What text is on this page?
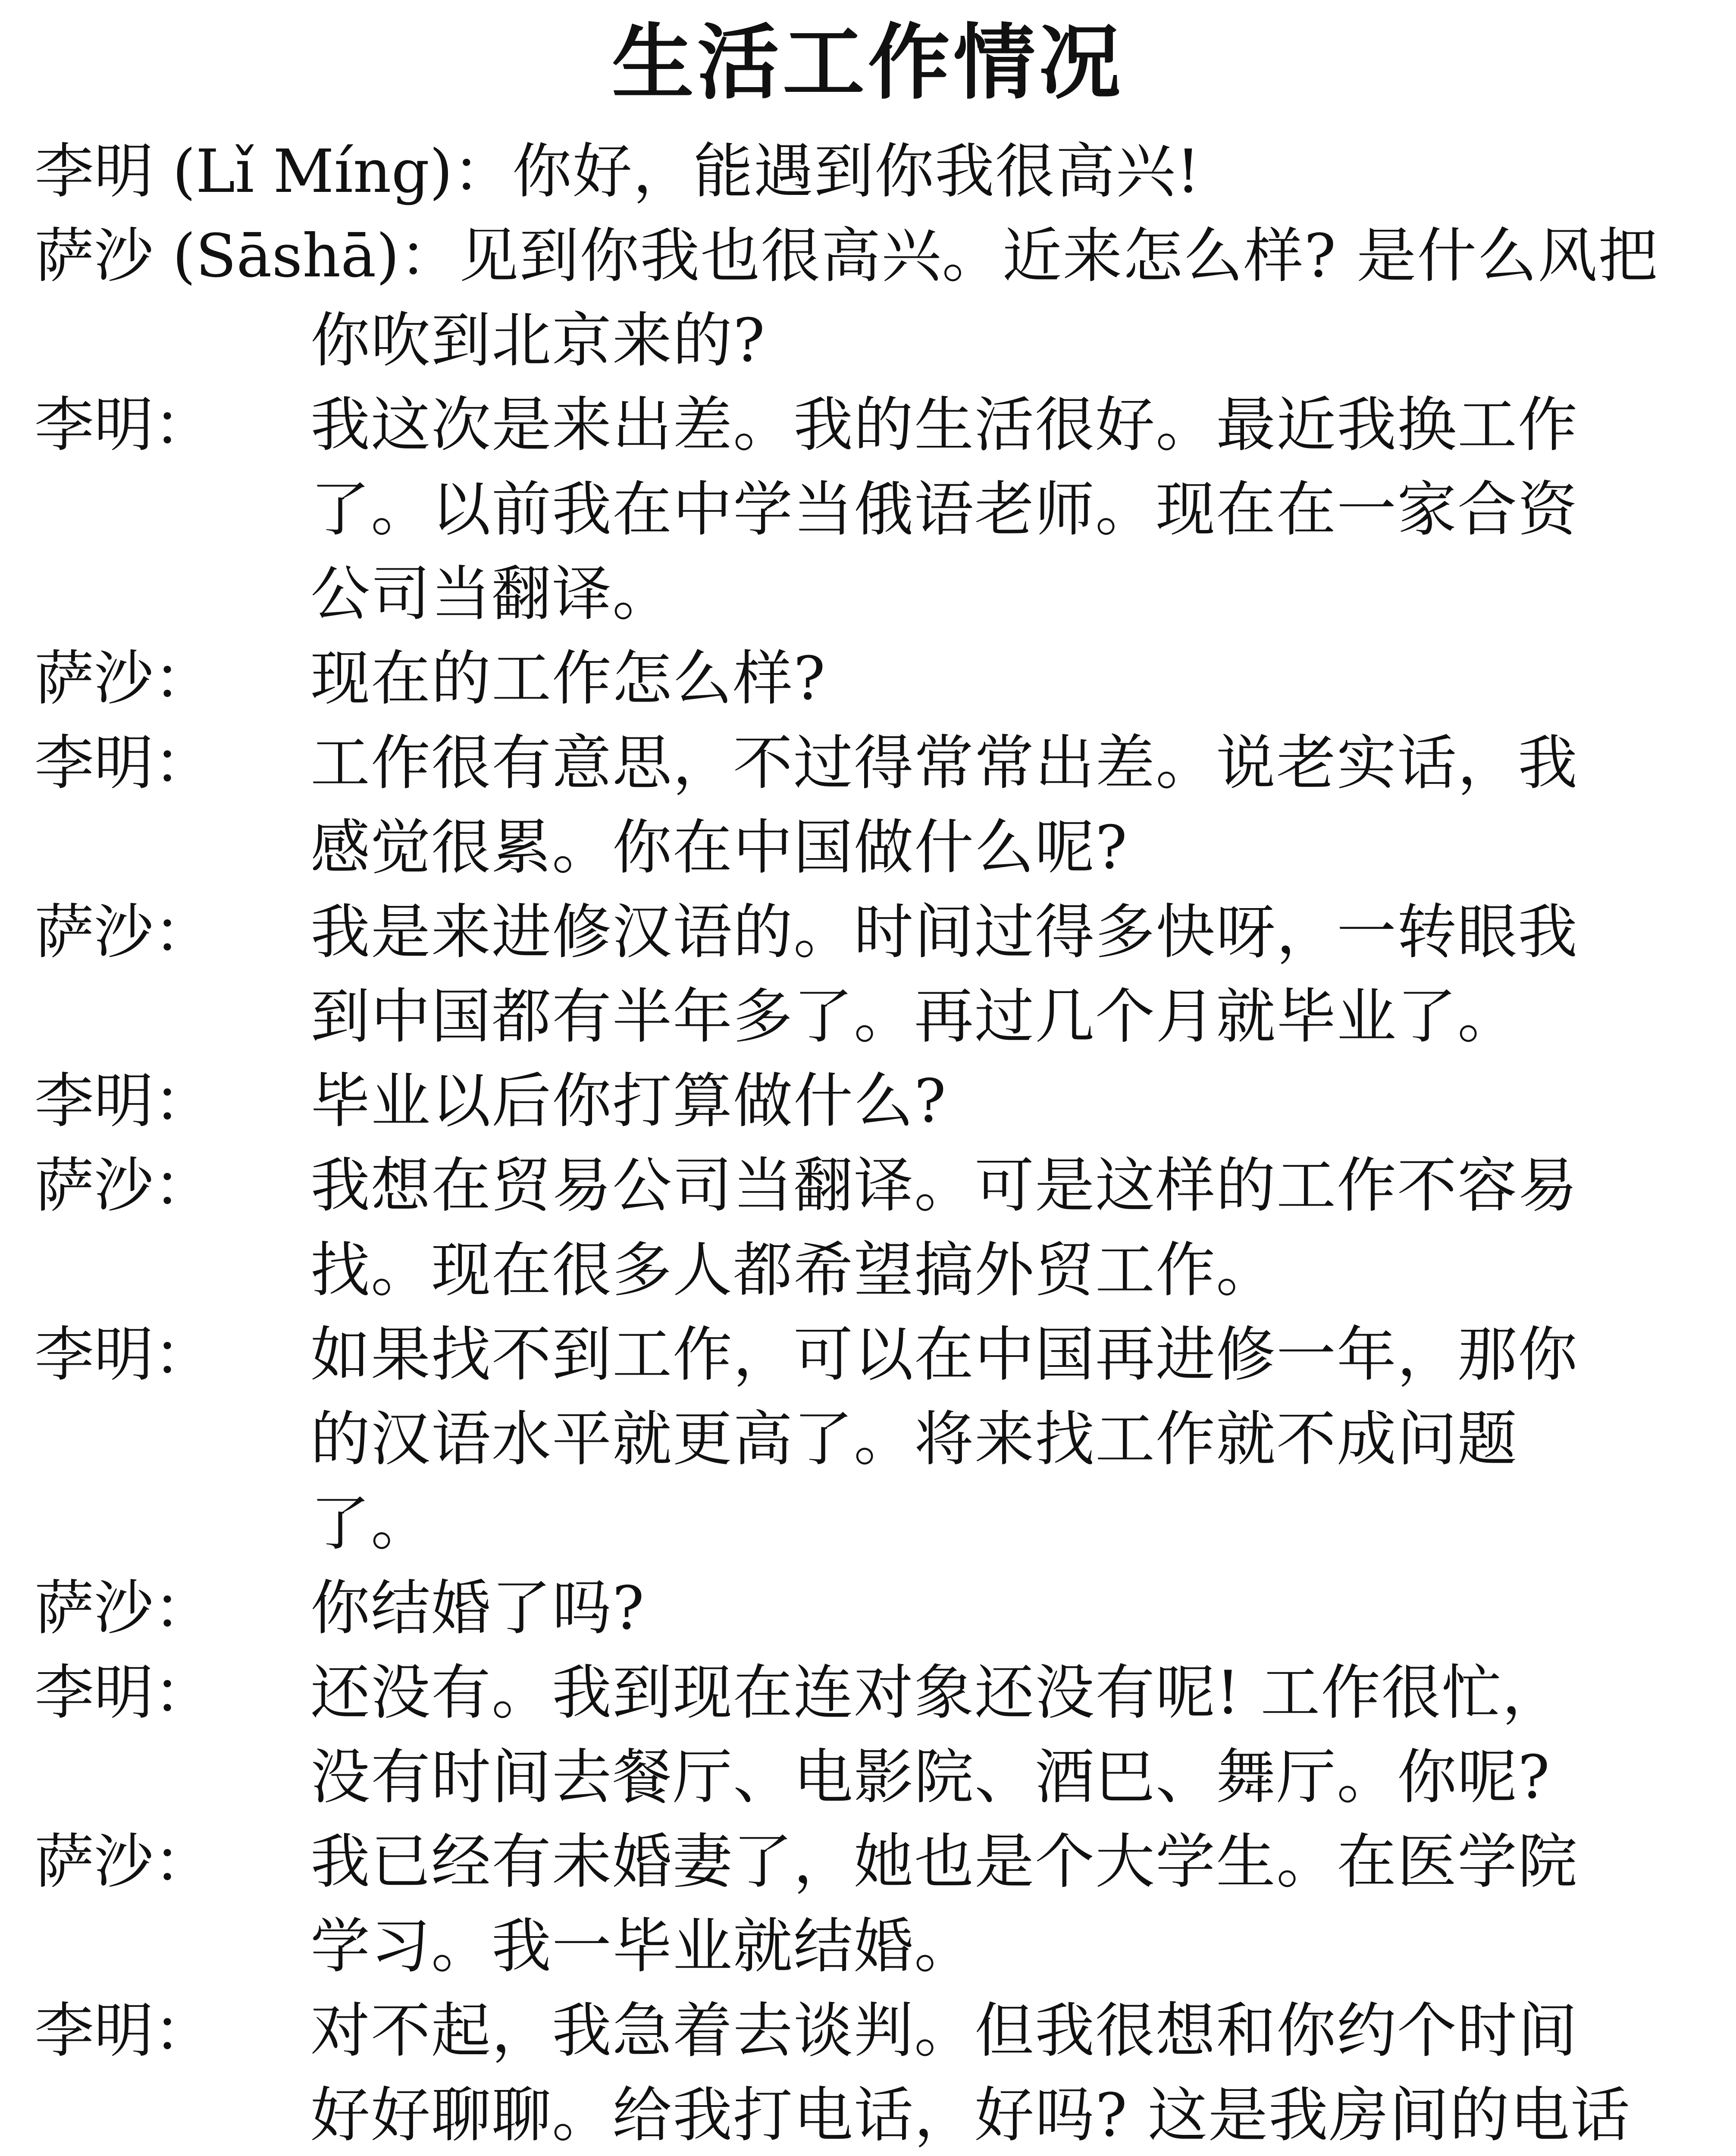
生活工作情况
李明 (Lǐ Míng)：你好，能遇到你我很高兴!
萨沙 (Sāshā)：见到你我也很高兴。近来怎么样? 是什么风把
你吹到北京来的?
李明： 我这次是来出差。我的生活很好。最近我换工作
了。以前我在中学当俄语老师。现在在一家合资
公司当翻译。
萨沙： 现在的工作怎么样?
李明： 工作很有意思，不过得常常出差。说老实话，我
感觉很累。你在中国做什么呢?
萨沙： 我是来进修汉语的。时间过得多快呀，一转眼我
到中国都有半年多了。再过几个月就毕业了。
李明： 毕业以后你打算做什么?
萨沙： 我想在贸易公司当翻译。可是这样的工作不容易
找。现在很多人都希望搞外贸工作。
李明： 如果找不到工作，可以在中国再进修一年，那你
的汉语水平就更高了。将来找工作就不成问题
了。
萨沙： 你结婚了吗?
李明： 还没有。我到现在连对象还没有呢! 工作很忙，
没有时间去餐厅、电影院、酒巴、舞厅。你呢?
萨沙： 我已经有未婚妻了，她也是个大学生。在医学院
学习。我一毕业就结婚。
李明： 对不起，我急着去谈判。但我很想和你约个时间
好好聊聊。给我打电话，好吗? 这是我房间的电话
